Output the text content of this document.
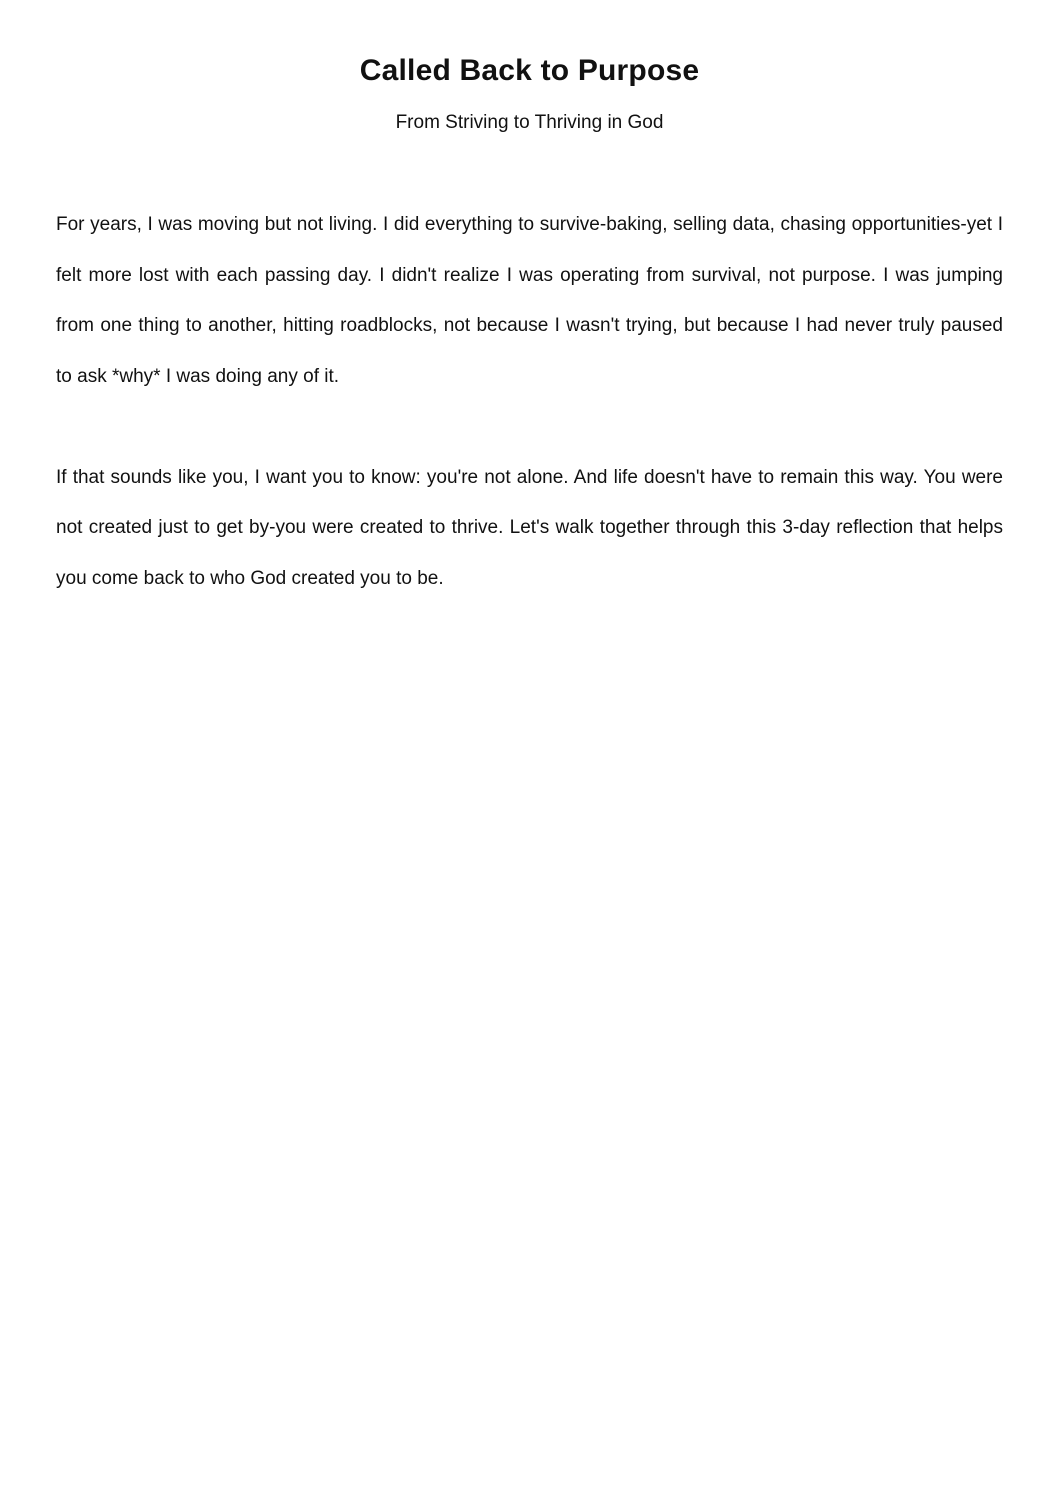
Called Back to Purpose
From Striving to Thriving in God

For years, I was moving but not living. I did everything to survive-baking, selling data, chasing opportunities-yet I felt more lost with each passing day. I didn't realize I was operating from survival, not purpose. I was jumping from one thing to another, hitting roadblocks, not because I wasn't trying, but because I had never truly paused to ask *why* I was doing any of it.

If that sounds like you, I want you to know: you're not alone. And life doesn't have to remain this way. You were not created just to get by-you were created to thrive. Let's walk together through this 3-day reflection that helps you come back to who God created you to be.
